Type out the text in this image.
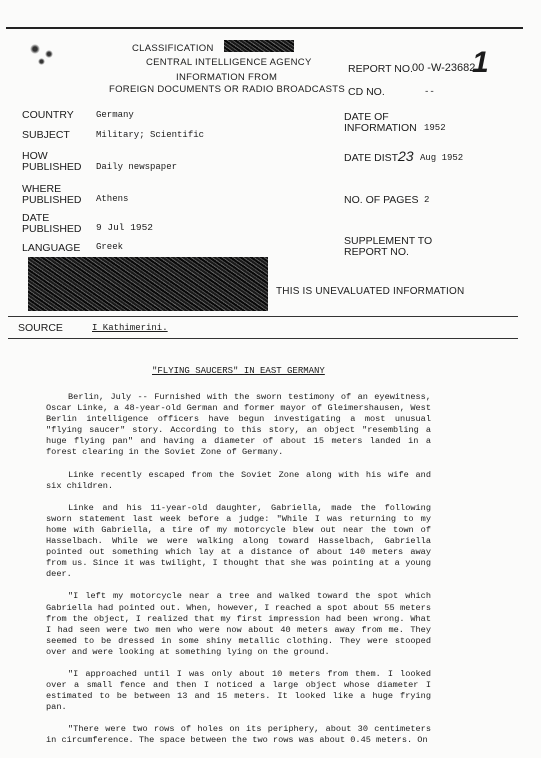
CLASSIFICATION
CENTRAL INTELLIGENCE AGENCY
INFORMATION FROM
FOREIGN DOCUMENTS OR RADIO BROADCASTS
REPORT NO. 00 -W-23682
1
CD NO.	--
COUNTRY Germany
SUBJECT	Military; Scientific
HOW
PUBLISHED Daily newspaper
WHERE
PUBLISHED Athens
DATE
PUBLISHED 9 Jul 1952
LANGUAGE Greek
DATE OF
INFORMATION 1952
DATE DIST.
23 Aug 1952
NO. OF PAGES 2
SUPPLEMENT TO
REPORT NO.
THIS IS UNEVALUATED INFORMATION
SOURCE	I Kathimerini.
"FLYING SAUCERS" IN EAST GERMANY

Berlin, July -- Furnished with the sworn testimony of an eyewitness, Oscar Linke, a 48-year-old German and former mayor of Gleimershausen, West Berlin intelligence officers have begun investigating a most unusual "flying saucer" story. According to this story, an object "resembling a huge flying pan" and having a diameter of about 15 meters landed in a forest clearing in the Soviet Zone of Germany.

Linke recently escaped from the Soviet Zone along with his wife and six children.

Linke and his 11-year-old daughter, Gabriella, made the following sworn statement last week before a judge: "While I was returning to my home with Gabriella, a tire of my motorcycle blew out near the town of Hasselbach. While we were walking along toward Hasselbach, Gabriella pointed out something which lay at a distance of about 140 meters away from us. Since it was twilight, I thought that she was pointing at a young deer.

"I left my motorcycle near a tree and walked toward the spot which Gabriella had pointed out. When, however, I reached a spot about 55 meters from the object, I realized that my first impression had been wrong. What I had seen were two men who were now about 40 meters away from me. They seemed to be dressed in some shiny metallic clothing. They were stooped over and were looking at something lying on the ground.

"I approached until I was only about 10 meters from them. I looked over a small fence and then I noticed a large object whose diameter I estimated to be between 13 and 15 meters. It looked like a huge frying pan.

"There were two rows of holes on its periphery, about 30 centimeters in circumference. The space between the two rows was about 0.45 meters. On
